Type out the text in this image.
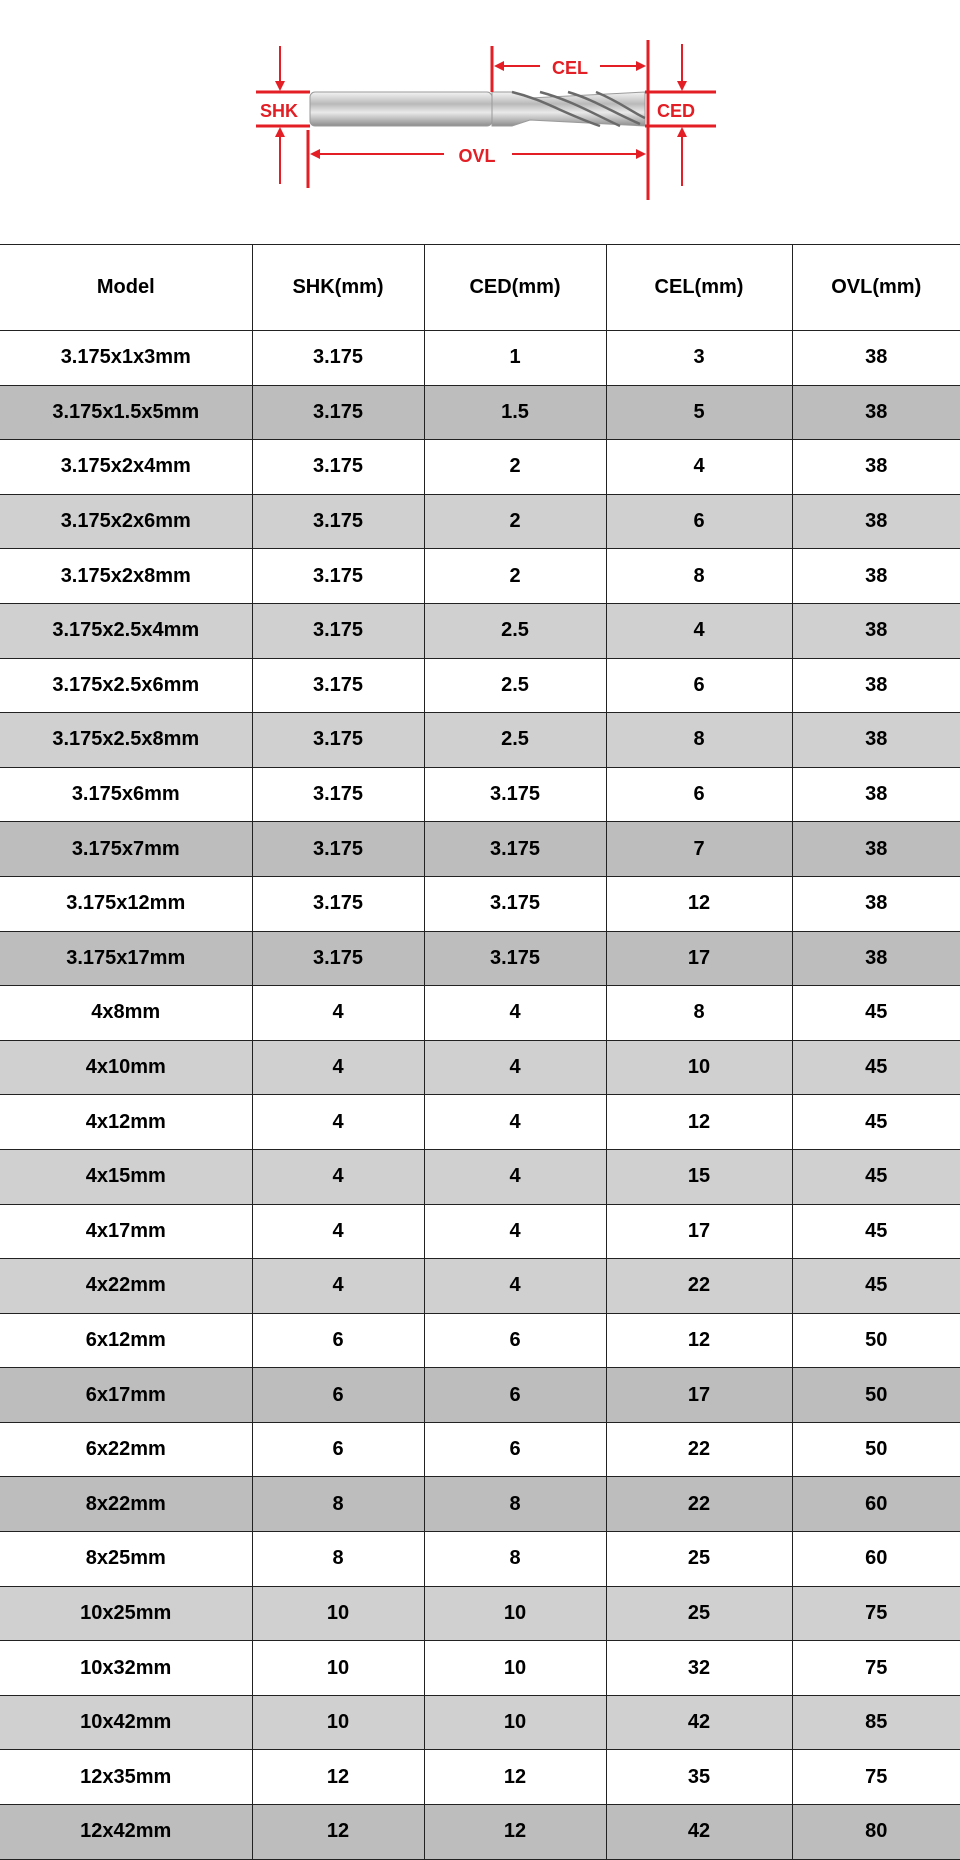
SHK
CEL
CED
OVL
Model	SHK(mm)	CED(mm)	CEL(mm)	OVL(mm)
3.175x1x3mm	3.175	1	3	38
3.175x1.5x5mm	3.175	1.5	5	38
3.175x2x4mm	3.175	2	4	38
3.175x2x6mm	3.175	2	6	38
3.175x2x8mm	3.175	2	8	38
3.175x2.5x4mm	3.175	2.5	4	38
3.175x2.5x6mm	3.175	2.5	6	38
3.175x2.5x8mm	3.175	2.5	8	38
3.175x6mm	3.175	3.175	6	38
3.175x7mm	3.175	3.175	7	38
3.175x12mm	3.175	3.175	12	38
3.175x17mm	3.175	3.175	17	38
4x8mm	4	4	8	45
4x10mm	4	4	10	45
4x12mm	4	4	12	45
4x15mm	4	4	15	45
4x17mm	4	4	17	45
4x22mm	4	4	22	45
6x12mm	6	6	12	50
6x17mm	6	6	17	50
6x22mm	6	6	22	50
8x22mm	8	8	22	60
8x25mm	8	8	25	60
10x25mm	10	10	25	75
10x32mm	10	10	32	75
10x42mm	10	10	42	85
12x35mm	12	12	35	75
12x42mm	12	12	42	80
